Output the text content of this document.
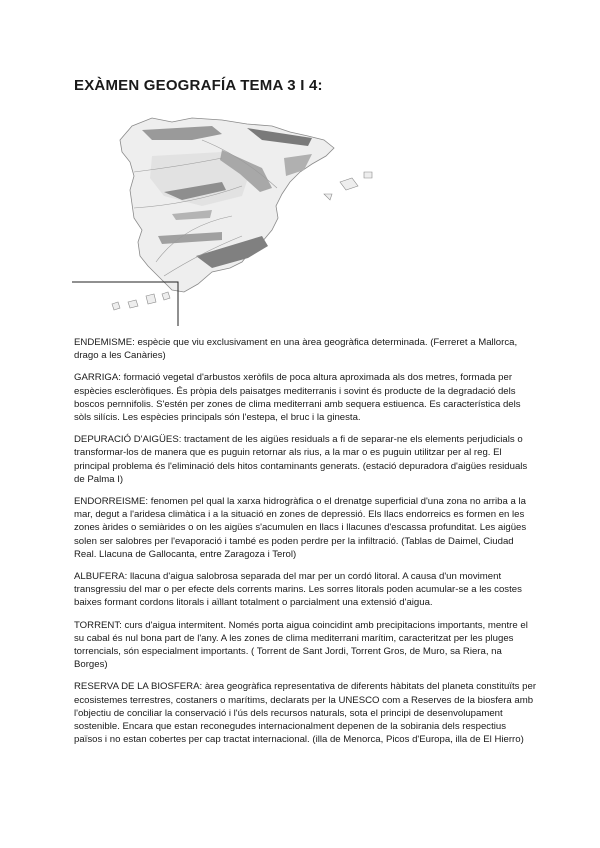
EXÀMEN GEOGRAFÍA TEMA 3 I 4:

ENDEMISME: espècie que viu exclusivament en una àrea geogràfica determinada. (Ferreret a Mallorca, drago a les Canàries)

GARRIGA: formació vegetal d'arbustos xeròfils de poca altura aproximada als dos metres, formada per espècies escleròfiques. És pròpia dels paisatges mediterranis i sovint és producte de la degradació dels boscos pernnifolis. S'estén per zones de clima mediterrani amb sequera estiuenca. Es característica dels sòls silícis. Les espècies principals són l'estepa, el bruc i la ginesta.

DEPURACIÓ D'AIGÜES: tractament de les aigües residuals a fi de separar-ne els elements perjudicials o transformar-los de manera que es puguin retornar als rius, a la mar o es puguin utilitzar per al reg. El principal problema és l'eliminació dels hitos contaminants generats. (estació depuradora d'aigües residuals de Palma I)

ENDORREISME: fenomen pel qual la xarxa hidrogràfica o el drenatge superficial d'una zona no arriba a la mar, degut a l'aridesa climàtica i a la situació en zones de depressió. Els llacs endorreics es formen en les zones àrides o semiàrides o on les aigües s'acumulen en llacs i llacunes d'escassa profunditat. Les aigües solen ser salobres per l'evaporació i també es poden perdre per la infiltració. (Tablas de Daimel, Ciudad Real. Llacuna de Gallocanta, entre Zaragoza i Terol)

ALBUFERA: llacuna d'aigua salobrosa separada del mar per un cordó litoral. A causa d'un moviment transgressiu del mar o per efecte dels corrents marins. Les sorres litorals poden acumular-se a les costes baixes formant cordons litorals i aïllant totalment o parcialment una extensió d'aigua.

TORRENT: curs d'aigua intermitent. Només porta aigua coincidint amb precipitacions importants, mentre el su cabal és nul bona part de l'any. A les zones de clima mediterrani marítim, caracteritzat per les pluges torrencials, són especialment importants. ( Torrent de Sant Jordi, Torrent Gros, de Muro, sa Riera, na Borges)

RESERVA DE LA BIOSFERA: àrea geogràfica representativa de diferents hàbitats del planeta constituïts per ecosistemes terrestres, costaners o marítims, declarats per la UNESCO com a Reserves de la biosfera amb l'objectiu de conciliar la conservació i l'ús dels recursos naturals, sota el principi de desenvolupament sostenible. Encara que estan reconegudes internacionalment depenen de la sobirania dels respectius països i no estan cobertes per cap tractat internacional. (illa de Menorca, Picos d'Europa, illa de El Hierro)
